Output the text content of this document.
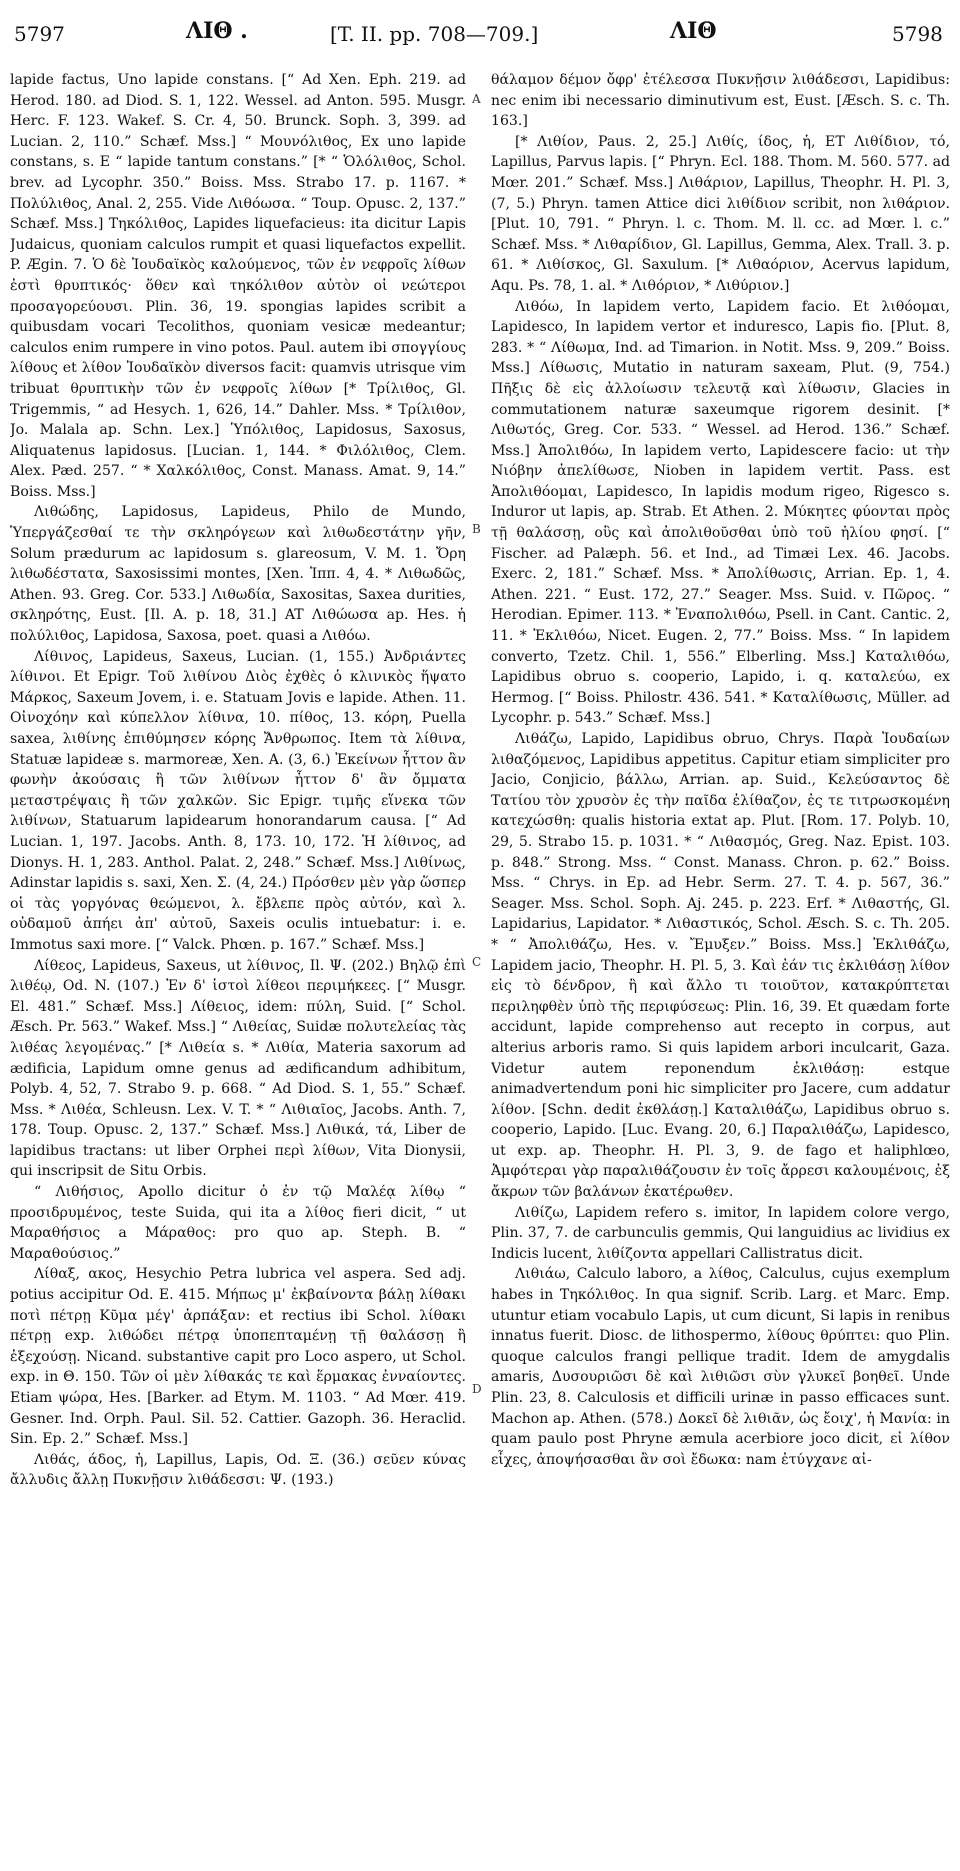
5797	ΛΙΘ .	[T. II. pp. 708—709.]	ΛΙΘ	5798
A
B
C
D

lapide factus, Uno lapide constans. [“ Ad Xen. Eph. 219. ad Herod. 180. ad Diod. S. 1, 122. Wessel. ad Anton. 595. Musgr. Herc. F. 123. Wakef. S. Cr. 4, 50. Brunck. Soph. 3, 399. ad Lucian. 2, 110.” Schæf. Mss.] “ Μουνόλιθος, Ex uno lapide constans, s. E “ lapide tantum constans.” [* “ Ὁλόλιθος, Schol. brev. ad Lycophr. 350.” Boiss. Mss. Strabo 17. p. 1167. * Πολύλιθος, Anal. 2, 255. Vide Λιθόωσα. “ Toup. Opusc. 2, 137.” Schæf. Mss.] Τηκόλιθος, Lapides liquefacieus: ita dicitur Lapis Judaicus, quoniam calculos rumpit et quasi liquefactos expellit. P. Ægin. 7. Ὁ δὲ Ἰουδαϊκὸς καλούμενος, τῶν ἐν νεφροῖς λίθων ἐστὶ θρυπτικός· ὅθεν καὶ τηκόλιθον αὐτὸν οἱ νεώτεροι προσαγορεύουσι. Plin. 36, 19. spongias lapides scribit a quibusdam vocari Tecolithos, quoniam vesicæ medeantur; calculos enim rumpere in vino potos. Paul. autem ibi σπογγίους λίθους et λίθον Ἰουδαϊκὸν diversos facit: quamvis utrisque vim tribuat θρυπτικὴν τῶν ἐν νεφροῖς λίθων [* Τρίλιθος, Gl. Trigemmis, “ ad Hesych. 1, 626, 14.” Dahler. Mss. * Τρίλιθον, Jo. Malala ap. Schn. Lex.] Ὑπόλιθος, Lapidosus, Saxosus, Aliquatenus lapidosus. [Lucian. 1, 144. * Φιλόλιθος, Clem. Alex. Pæd. 257. “ * Χαλκόλιθος, Const. Manass. Amat. 9, 14.” Boiss. Mss.]

Λιθώδης, Lapidosus, Lapideus, Philo de Mundo, Ὑπεργάζεσθαί τε τὴν σκληρόγεων καὶ λιθωδεστάτην γῆν, Solum prædurum ac lapidosum s. glareosum, V. M. 1. Ὄρη λιθωδέστατα, Saxosissimi montes, [Xen. Ἱππ. 4, 4. * Λιθωδῶς, Athen. 93. Greg. Cor. 533.] Λιθωδία, Saxositas, Saxea durities, σκληρότης, Eust. [Il. A. p. 18, 31.] AT Λιθώωσα ap. Hes. ἡ πολύλιθος, Lapidosa, Saxosa, poet. quasi a Λιθόω.

Λίθινος, Lapideus, Saxeus, Lucian. (1, 155.) Ἀνδριάντες λίθινοι. Et Epigr. Τοῦ λιθίνου Διὸς ἐχθὲς ὁ κλινικὸς ἥψατο Μάρκος, Saxeum Jovem, i. e. Statuam Jovis e lapide. Athen. 11. Οἰνοχόην καὶ κύπελλον λίθινα, 10. πίθος, 13. κόρη, Puella saxea, λιθίνης ἐπιθύμησεν κόρης Ἄνθρωπος. Item τὰ λίθινα, Statuæ lapideæ s. marmoreæ, Xen. A. (3, 6.) Ἐκείνων ἧττον ἂν φωνὴν ἀκούσαις ἢ τῶν λιθίνων ἧττον δ' ἂν ὄμματα μεταστρέψαις ἢ τῶν χαλκῶν. Sic Epigr. τιμῆς εἵνεκα τῶν λιθίνων, Statuarum lapidearum honorandarum causa. [“ Ad Lucian. 1, 197. Jacobs. Anth. 8, 173. 10, 172. Ἡ λίθινος, ad Dionys. H. 1, 283. Anthol. Palat. 2, 248.” Schæf. Mss.] Λιθίνως, Adinstar lapidis s. saxi, Xen. Σ. (4, 24.) Πρόσθεν μὲν γὰρ ὥσπερ οἱ τὰς γοργόνας θεώμενοι, λ. ἔβλεπε πρὸς αὐτόν, καὶ λ. οὐδαμοῦ ἀπήει ἀπ' αὐτοῦ, Saxeis oculis intuebatur: i. e. Immotus saxi more. [“ Valck. Phœn. p. 167.” Schæf. Mss.]

Λίθεος, Lapideus, Saxeus, ut λίθινος, Il. Ψ. (202.) Βηλῷ ἐπὶ λιθέῳ, Od. N. (107.) Ἐν δ' ἱστοὶ λίθεοι περιμήκεες. [“ Musgr. El. 481.” Schæf. Mss.] Λίθειος, idem: πύλη, Suid. [“ Schol. Æsch. Pr. 563.” Wakef. Mss.] “ Λιθείας, Suidæ πολυτελείας τὰς λιθέας λεγομένας.” [* Λιθεία s. * Λιθία, Materia saxorum ad ædificia, Lapidum omne genus ad ædificandum adhibitum, Polyb. 4, 52, 7. Strabo 9. p. 668. “ Ad Diod. S. 1, 55.” Schæf. Mss. * Λιθέα, Schleusn. Lex. V. T. * “ Λιθιαῖος, Jacobs. Anth. 7, 178. Toup. Opusc. 2, 137.” Schæf. Mss.] Λιθικά, τά, Liber de lapidibus tractans: ut liber Orphei περὶ λίθων, Vita Dionysii, qui inscripsit de Situ Orbis.

“ Λιθήσιος, Apollo dicitur ὁ ἐν τῷ Μαλέᾳ λίθῳ “ προσιδρυμένος, teste Suida, qui ita a λίθος fieri dicit, “ ut Μαραθήσιος a Μάραθος: pro quo ap. Steph. B. “ Μαραθούσιος.”

Λίθαξ, ακος, Hesychio Petra lubrica vel aspera. Sed adj. potius accipitur Od. E. 415. Μήπως μ' ἐκβαίνοντα βάλῃ λίθακι ποτὶ πέτρῃ Κῦμα μέγ' ἁρπάξαν: et rectius ibi Schol. λίθακι πέτρῃ exp. λιθώδει πέτρᾳ ὑποπεπταμένῃ τῇ θαλάσσῃ ἢ ἐξεχούσῃ. Nicand. substantive capit pro Loco aspero, ut Schol. exp. in Θ. 150. Τῶν οἱ μὲν λίθακάς τε καὶ ἕρμακας ἐνναίοντες. Etiam ψώρα, Hes. [Barker. ad Etym. M. 1103. “ Ad Mœr. 419. Gesner. Ind. Orph. Paul. Sil. 52. Cattier. Gazoph. 36. Heraclid. Sin. Ep. 2.” Schæf. Mss.]

Λιθάς, άδος, ἡ, Lapillus, Lapis, Od. Ξ. (36.) σεῦεν κύνας ἄλλυδις ἄλλῃ Πυκνῇσιν λιθάδεσσι: Ψ. (193.)

θάλαμον δέμον ὄφρ' ἐτέλεσσα Πυκνῇσιν λιθάδεσσι, Lapidibus: nec enim ibi necessario diminutivum est, Eust. [Æsch. S. c. Th. 163.]

[* Λιθίον, Paus. 2, 25.] Λιθίς, ίδος, ἡ, ET Λιθίδιον, τό, Lapillus, Parvus lapis. [“ Phryn. Ecl. 188. Thom. M. 560. 577. ad Mœr. 201.” Schæf. Mss.] Λιθάριον, Lapillus, Theophr. H. Pl. 3, (7, 5.) Phryn. tamen Attice dici λιθίδιον scribit, non λιθάριον. [Plut. 10, 791. “ Phryn. l. c. Thom. M. ll. cc. ad Mœr. l. c.” Schæf. Mss. * Λιθαρίδιον, Gl. Lapillus, Gemma, Alex. Trall. 3. p. 61. * Λιθίσκος, Gl. Saxulum. [* Λιθαόριον, Acervus lapidum, Aqu. Ps. 78, 1. al. * Λιθόριον, * Λιθύριον.]

Λιθόω, In lapidem verto, Lapidem facio. Et λιθόομαι, Lapidesco, In lapidem vertor et induresco, Lapis fio. [Plut. 8, 283. * “ Λίθωμα, Ind. ad Timarion. in Notit. Mss. 9, 209.” Boiss. Mss.] Λίθωσις, Mutatio in naturam saxeam, Plut. (9, 754.) Πῆξις δὲ εἰς ἀλλοίωσιν τελευτᾷ καὶ λίθωσιν, Glacies in commutationem naturæ saxeumque rigorem desinit. [* Λιθωτός, Greg. Cor. 533. “ Wessel. ad Herod. 136.” Schæf. Mss.] Ἀπολιθόω, In lapidem verto, Lapidescere facio: ut τὴν Νιόβην ἀπελίθωσε, Nioben in lapidem vertit. Pass. est Ἀπολιθόομαι, Lapidesco, In lapidis modum rigeo, Rigesco s. Induror ut lapis, ap. Strab. Et Athen. 2. Μύκητες φύονται πρὸς τῇ θαλάσσῃ, οὓς καὶ ἀπολιθοῦσθαι ὑπὸ τοῦ ἡλίου φησί. [“ Fischer. ad Palæph. 56. et Ind., ad Timæi Lex. 46. Jacobs. Exerc. 2, 181.” Schæf. Mss. * Ἀπολίθωσις, Arrian. Ep. 1, 4. Athen. 221. “ Eust. 172, 27.” Seager. Mss. Suid. v. Πῶρος. “ Herodian. Epimer. 113. * Ἐναπολιθόω, Psell. in Cant. Cantic. 2, 11. * Ἐκλιθόω, Nicet. Eugen. 2, 77.” Boiss. Mss. “ In lapidem converto, Tzetz. Chil. 1, 556.” Elberling. Mss.] Καταλιθόω, Lapidibus obruo s. cooperio, Lapido, i. q. καταλεύω, ex Hermog. [“ Boiss. Philostr. 436. 541. * Καταλίθωσις, Müller. ad Lycophr. p. 543.” Schæf. Mss.]

Λιθάζω, Lapido, Lapidibus obruo, Chrys. Παρὰ Ἰουδαίων λιθαζόμενος, Lapidibus appetitus. Capitur etiam simpliciter pro Jacio, Conjicio, βάλλω, Arrian. ap. Suid., Κελεύσαντος δὲ Τατίου τὸν χρυσὸν ἐς τὴν παῖδα ἐλίθαζον, ἐς τε τιτρωσκομένη κατεχώσθη: qualis historia extat ap. Plut. [Rom. 17. Polyb. 10, 29, 5. Strabo 15. p. 1031. * “ Λιθασμός, Greg. Naz. Epist. 103. p. 848.” Strong. Mss. “ Const. Manass. Chron. p. 62.” Boiss. Mss. “ Chrys. in Ep. ad Hebr. Serm. 27. T. 4. p. 567, 36.” Seager. Mss. Schol. Soph. Aj. 245. p. 223. Erf. * Λιθαστής, Gl. Lapidarius, Lapidator. * Λιθαστικός, Schol. Æsch. S. c. Th. 205. * “ Ἀπολιθάζω, Hes. v. Ἔμυξεν.” Boiss. Mss.] Ἐκλιθάζω, Lapidem jacio, Theophr. H. Pl. 5, 3. Καὶ ἐάν τις ἐκλιθάσῃ λίθον εἰς τὸ δένδρον, ἢ καὶ ἄλλο τι τοιοῦτον, κατακρύπτεται περιληφθὲν ὑπὸ τῆς περιφύσεως: Plin. 16, 39. Et quædam forte accidunt, lapide comprehenso aut recepto in corpus, aut alterius arboris ramo. Si quis lapidem arbori inculcarit, Gaza. Videtur autem reponendum ἐκλιθάσῃ: estque animadvertendum poni hic simpliciter pro Jacere, cum addatur λίθον. [Schn. dedit ἐκθλάσῃ.] Καταλιθάζω, Lapidibus obruo s. cooperio, Lapido. [Luc. Evang. 20, 6.] Παραλιθάζω, Lapidesco, ut exp. ap. Theophr. H. Pl. 3, 9. de fago et haliphlœo, Ἀμφότεραι γὰρ παραλιθάζουσιν ἐν τοῖς ἄρρεσι καλουμένοις, ἐξ ἄκρων τῶν βαλάνων ἑκατέρωθεν.

Λιθίζω, Lapidem refero s. imitor, In lapidem colore vergo, Plin. 37, 7. de carbunculis gemmis, Qui languidius ac lividius ex Indicis lucent, λιθίζοντα appellari Callistratus dicit.

Λιθιάω, Calculo laboro, a λίθος, Calculus, cujus exemplum habes in Τηκόλιθος. In qua signif. Scrib. Larg. et Marc. Emp. utuntur etiam vocabulo Lapis, ut cum dicunt, Si lapis in renibus innatus fuerit. Diosc. de lithospermo, λίθους θρύπτει: quo Plin. quoque calculos frangi pellique tradit. Idem de amygdalis amaris, Δυσουριῶσι δὲ καὶ λιθιῶσι σὺν γλυκεῖ βοηθεῖ. Unde Plin. 23, 8. Calculosis et difficili urinæ in passo efficaces sunt. Machon ap. Athen. (578.) Δοκεῖ δὲ λιθιᾶν, ὡς ἔοιχ', ἡ Μανία: in quam paulo post Phryne æmula acerbiore joco dicit, εἰ λίθον εἶχες, ἀποψήσασθαι ἂν σοὶ ἔδωκα: nam ἐτύγχανε αἰ-
